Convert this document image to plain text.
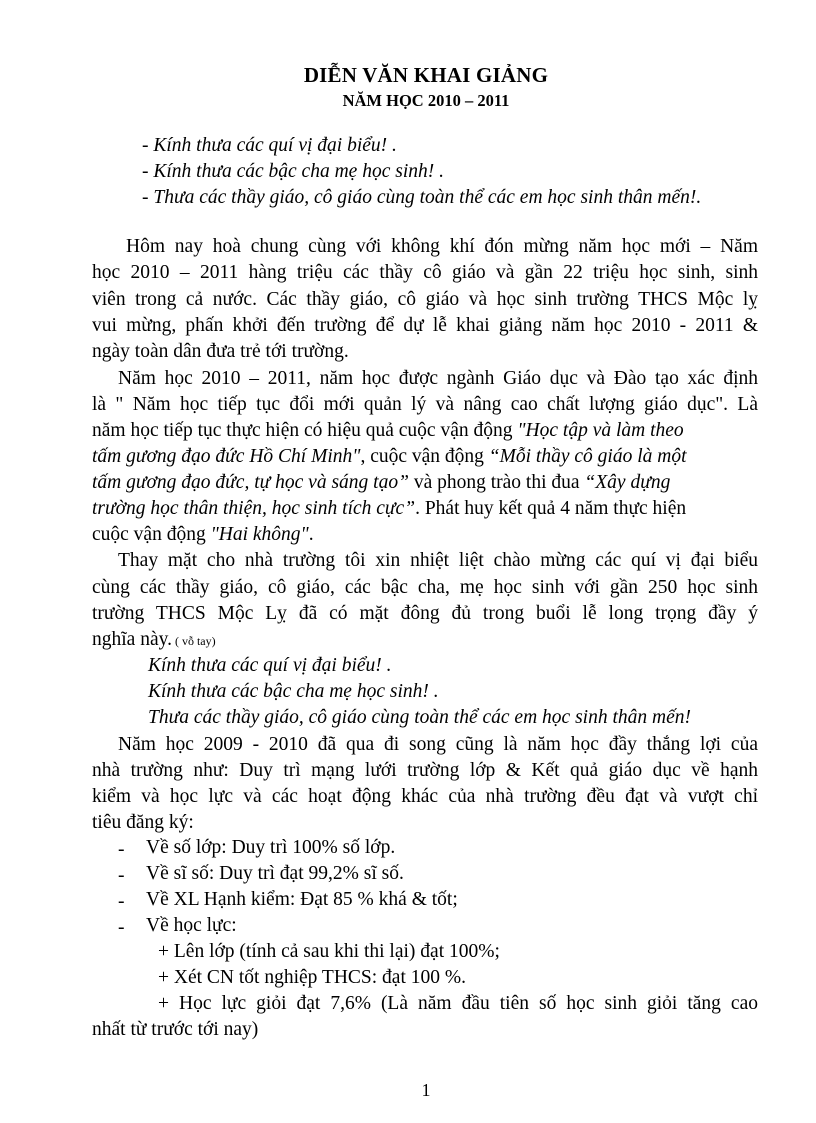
DIỄN VĂN KHAI GIẢNG
NĂM HỌC 2010 – 2011
- Kính thưa các quí vị đại biểu! .
- Kính thưa các bậc cha mẹ học sinh! .
- Thưa các thầy giáo, cô giáo cùng toàn thể các em học sinh thân mến!.
Hôm nay hoà chung cùng với không khí đón mừng năm học mới – Năm
học 2010 – 2011 hàng triệu các thầy cô giáo và gần 22 triệu học sinh, sinh
viên trong cả nước. Các thầy giáo, cô giáo và học sinh trường THCS Mộc lỵ
vui mừng, phấn khởi đến trường để dự lễ khai giảng năm học 2010 - 2011 &
ngày toàn dân đưa trẻ tới trường.
Năm học 2010 – 2011, năm học được ngành Giáo dục và Đào tạo xác định
là " Năm học tiếp tục đổi mới quản lý và nâng cao chất lượng giáo dục". Là
năm học tiếp tục thực hiện có hiệu quả cuộc vận động "Học tập và làm theo
tấm gương đạo đức Hồ Chí Minh", cuộc vận động “Mỗi thầy cô giáo là một
tấm gương đạo đức, tự học và sáng tạo” và phong trào thi đua “Xây dựng
trường học thân thiện, học sinh tích cực”. Phát huy kết quả 4 năm thực hiện
cuộc vận động "Hai không".
Thay mặt cho nhà trường tôi xin nhiệt liệt chào mừng các quí vị đại biểu
cùng các thầy giáo, cô giáo, các bậc cha, mẹ học sinh với gần 250 học sinh
trường THCS Mộc Lỵ đã có mặt đông đủ trong buổi lễ long trọng đầy ý
nghĩa này. ( vỗ tay)
Kính thưa các quí vị đại biểu! .
Kính thưa các bậc cha mẹ học sinh! .
Thưa các thầy giáo, cô giáo cùng toàn thể các em học sinh thân mến!
Năm học 2009 - 2010 đã qua đi song cũng là năm học đầy thắng lợi của
nhà trường như: Duy trì mạng lưới trường lớp & Kết quả giáo dục về hạnh
kiểm và học lực và các hoạt động khác của nhà trường đều đạt và vượt chỉ
tiêu đăng ký:
- Về số lớp: Duy trì 100% số lớp.
- Về sĩ số: Duy trì đạt 99,2% sĩ số.
- Về XL Hạnh kiểm: Đạt 85 % khá & tốt;
- Về học lực:
+ Lên lớp (tính cả sau khi thi lại) đạt 100%;
+ Xét CN tốt nghiệp THCS: đạt 100 %.
+ Học lực giỏi đạt 7,6% (Là năm đầu tiên số học sinh giỏi tăng cao
nhất từ trước tới nay)
1
